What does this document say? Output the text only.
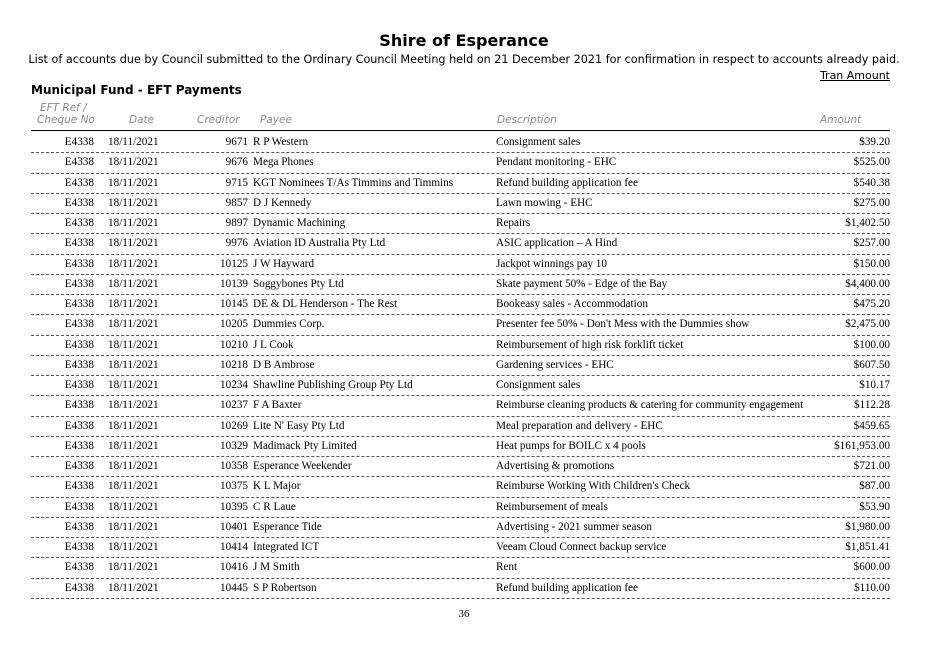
Shire of Esperance
List of accounts due by Council submitted to the Ordinary Council Meeting held on 21 December 2021 for confirmation in respect to accounts already paid.
Tran Amount
Municipal Fund - EFT Payments
EFT Ref /
Cheque No	Date	Creditor Payee	Description	Amount
E4338 18/11/2021	9671 R P Western	Consignment sales	$39.20
E4338 18/11/2021	9676 Mega Phones	Pendant monitoring - EHC	$525.00
E4338 18/11/2021	9715 KGT Nominees T/As Timmins and Timmins	Refund building application fee	$540.38
E4338 18/11/2021	9857 D J Kennedy	Lawn mowing - EHC	$275.00
E4338 18/11/2021	9897 Dynamic Machining	Repairs	$1,402.50
E4338 18/11/2021	9976 Aviation ID Australia Pty Ltd	ASIC application – A Hind	$257.00
E4338 18/11/2021	10125 J W Hayward	Jackpot winnings pay 10	$150.00
E4338 18/11/2021	10139 Soggybones Pty Ltd	Skate payment 50% - Edge of the Bay	$4,400.00
E4338 18/11/2021	10145 DE & DL Henderson - The Rest	Bookeasy sales - Accommodation	$475.20
E4338 18/11/2021	10205 Dummies Corp.	Presenter fee 50% - Don't Mess with the Dummies show	$2,475.00
E4338 18/11/2021	10210 J L Cook	Reimbursement of high risk forklift ticket	$100.00
E4338 18/11/2021	10218 D B Ambrose	Gardening services - EHC	$607.50
E4338 18/11/2021	10234 Shawline Publishing Group Pty Ltd	Consignment sales	$10.17
E4338 18/11/2021	10237 F A Baxter	Reimburse cleaning products & catering for community engagement	$112.28
E4338 18/11/2021	10269 Lite N' Easy Pty Ltd	Meal preparation and delivery - EHC	$459.65
E4338 18/11/2021	10329 Madimack Pty Limited	Heat pumps for BOILC x 4 pools	$161,953.00
E4338 18/11/2021	10358 Esperance Weekender	Advertising & promotions	$721.00
E4338 18/11/2021	10375 K L Major	Reimburse Working With Children's Check	$87.00
E4338 18/11/2021	10395 C R Laue	Reimbursement of meals	$53.90
E4338 18/11/2021	10401 Esperance Tide	Advertising - 2021 summer season	$1,980.00
E4338 18/11/2021	10414 Integrated ICT	Veeam Cloud Connect backup service	$1,851.41
E4338 18/11/2021	10416 J M Smith	Rent	$600.00
E4338 18/11/2021	10445 S P Robertson	Refund building application fee	$110.00
36
